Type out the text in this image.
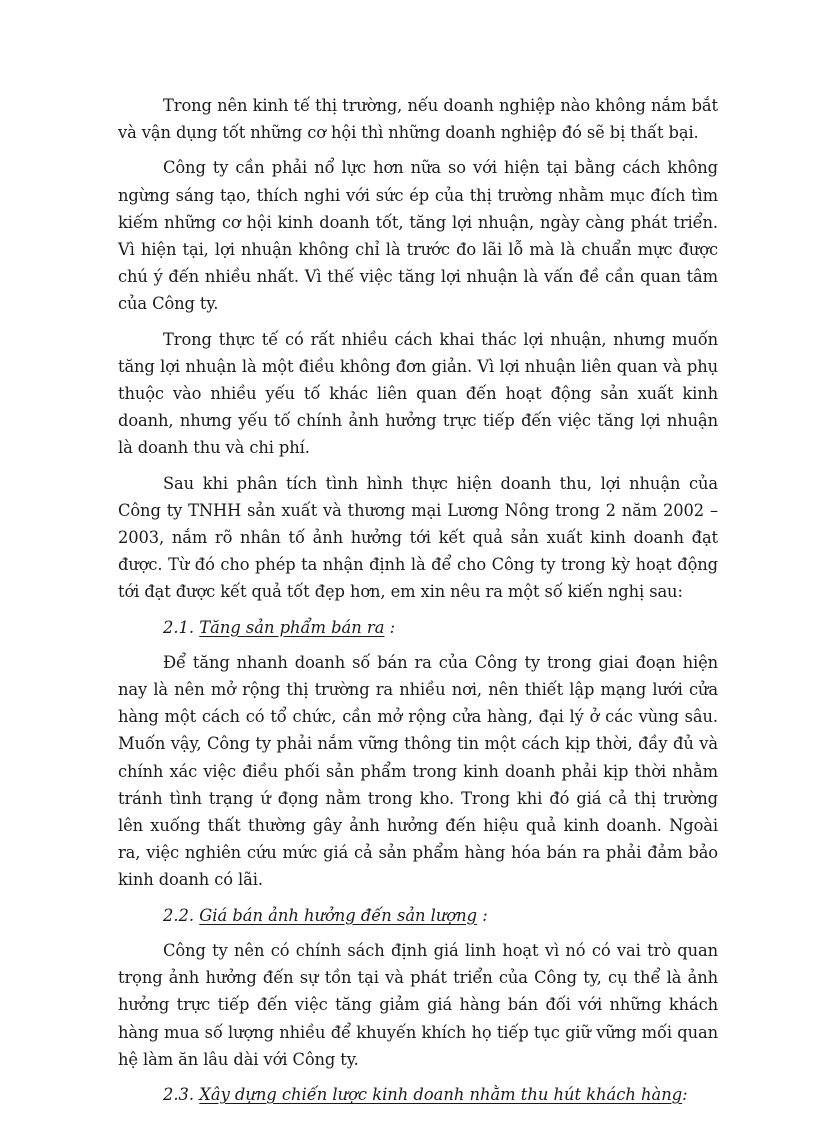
Trong nên kinh tế thị trường, nếu doanh nghiệp nào không nắm bắt và vận dụng tốt những cơ hội thì những doanh nghiệp đó sẽ bị thất bại.

Công ty cần phải nổ lực hơn nữa so với hiện tại bằng cách không ngừng sáng tạo, thích nghi với sức ép của thị trường nhằm mục đích tìm kiếm những cơ hội kinh doanh tốt, tăng lợi nhuận, ngày càng phát triển. Vì hiện tại, lợi nhuận không chỉ là trước đo lãi lỗ mà là chuẩn mực được chú ý đến nhiều nhất. Vì thế việc tăng lợi nhuận là vấn đề cần quan tâm của Công ty.

Trong thực tế có rất nhiều cách khai thác lợi nhuận, nhưng muốn tăng lợi nhuận là một điều không đơn giản. Vì lợi nhuận liên quan và phụ thuộc vào nhiều yếu tố khác liên quan đến hoạt động sản xuất kinh doanh, nhưng yếu tố chính ảnh hưởng trực tiếp đến việc tăng lợi nhuận là doanh thu và chi phí.

Sau khi phân tích tình hình thực hiện doanh thu, lợi nhuận của Công ty TNHH sản xuất và thương mại Lương Nông trong 2 năm 2002 – 2003, nắm rõ nhân tố ảnh hưởng tới kết quả sản xuất kinh doanh đạt được. Từ đó cho phép ta nhận định là để cho Công ty trong kỳ hoạt động tới đạt được kết quả tốt đẹp hơn, em xin nêu ra một số kiến nghị sau:

2.1. Tăng sản phẩm bán ra :

Để tăng nhanh doanh số bán ra của Công ty trong giai đoạn hiện nay là nên mở rộng thị trường ra nhiều nơi, nên thiết lập mạng lưới cửa hàng một cách có tổ chức, cần mở rộng cửa hàng, đại lý ở các vùng sâu. Muốn vậy, Công ty phải nắm vững thông tin một cách kịp thời, đầy đủ và chính xác việc điều phối sản phẩm trong kinh doanh phải kịp thời nhằm tránh tình trạng ứ đọng nằm trong kho. Trong khi đó giá cả thị trường lên xuống thất thường gây ảnh hưởng đến hiệu quả kinh doanh. Ngoài ra, việc nghiên cứu mức giá cả sản phẩm hàng hóa bán ra phải đảm bảo kinh doanh có lãi.

2.2. Giá bán ảnh hưởng đến sản lượng :

Công ty nên có chính sách định giá linh hoạt vì nó có vai trò quan trọng ảnh hưởng đến sự tồn tại và phát triển của Công ty, cụ thể là ảnh hưởng trực tiếp đến việc tăng giảm giá hàng bán đối với những khách hàng mua số lượng nhiều để khuyến khích họ tiếp tục giữ vững mối quan hệ làm ăn lâu dài với Công ty.

2.3. Xây dựng chiến lược kinh doanh nhằm thu hút khách hàng:
